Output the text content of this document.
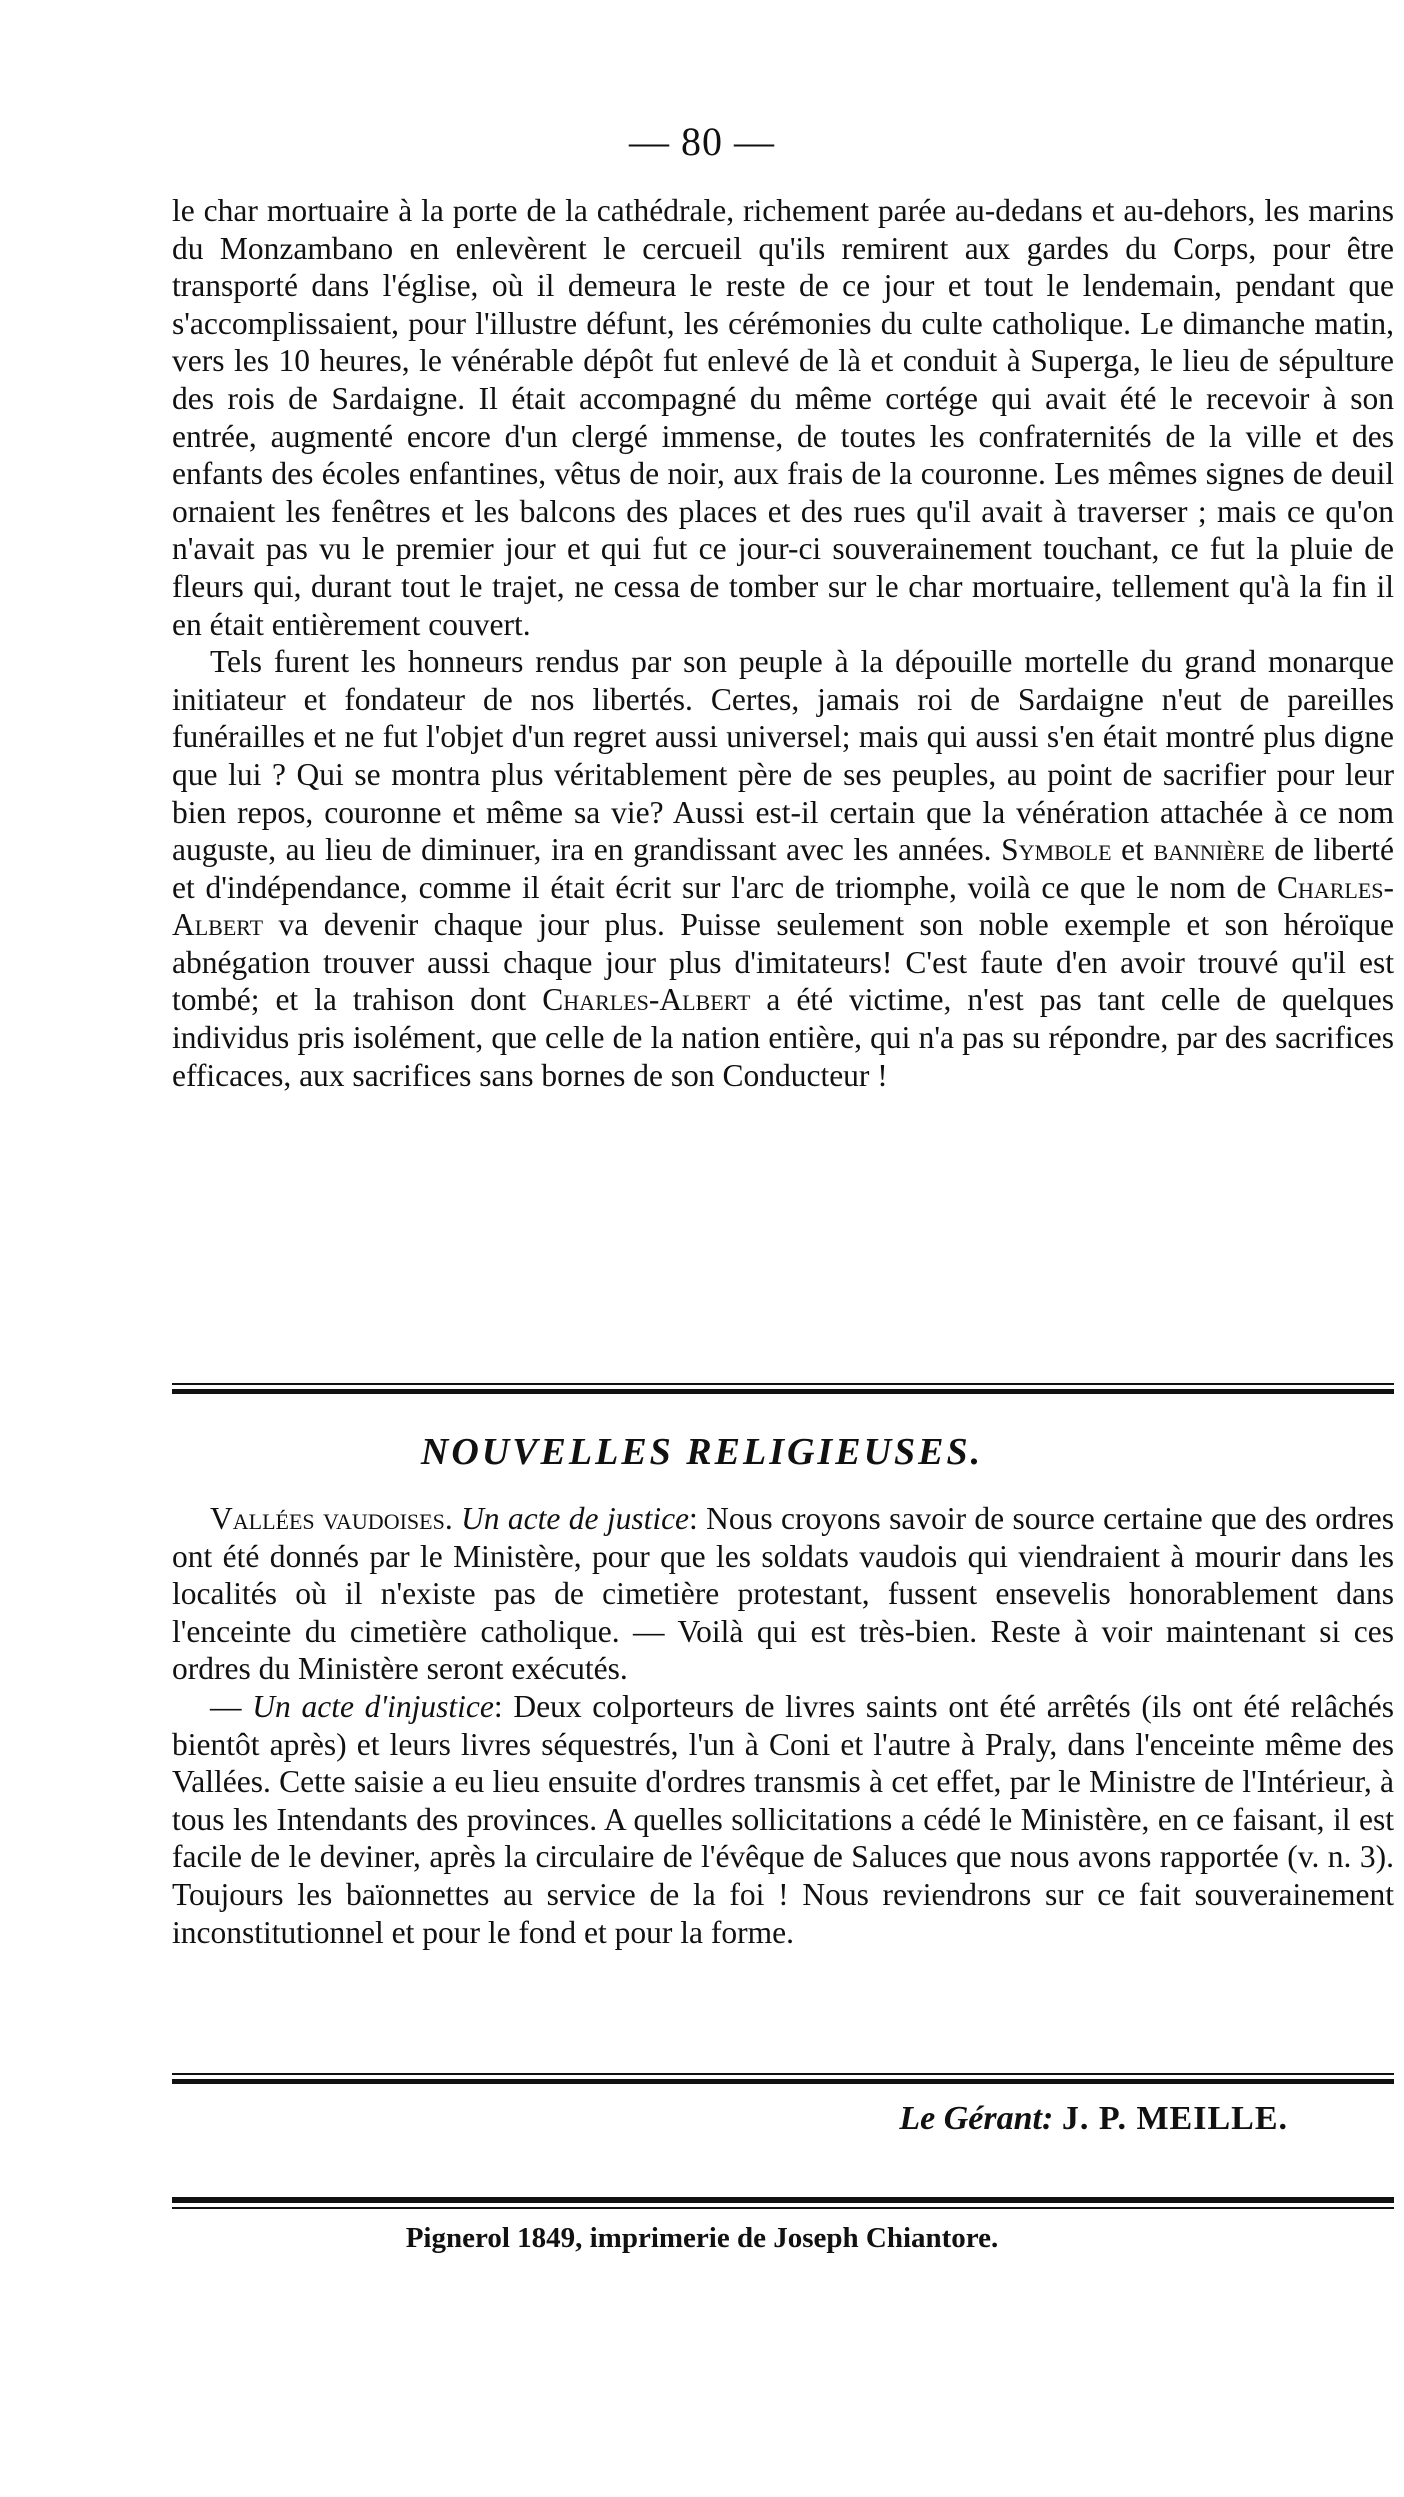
— 80 —

le char mortuaire à la porte de la cathédrale, richement parée au-dedans et au-dehors, les marins du Monzambano en enlevèrent le cercueil qu'ils remirent aux gardes du Corps, pour être transporté dans l'église, où il demeura le reste de ce jour et tout le lendemain, pendant que s'accomplissaient, pour l'illustre défunt, les cérémonies du culte catholique. Le dimanche matin, vers les 10 heures, le vénérable dépôt fut enlevé de là et conduit à Superga, le lieu de sépulture des rois de Sardaigne. Il était accompagné du même cortége qui avait été le recevoir à son entrée, augmenté encore d'un clergé immense, de toutes les confraternités de la ville et des enfants des écoles enfantines, vêtus de noir, aux frais de la couronne. Les mêmes signes de deuil ornaient les fenêtres et les balcons des places et des rues qu'il avait à traverser ; mais ce qu'on n'avait pas vu le premier jour et qui fut ce jour-ci souverainement touchant, ce fut la pluie de fleurs qui, durant tout le trajet, ne cessa de tomber sur le char mortuaire, tellement qu'à la fin il en était entièrement couvert.

Tels furent les honneurs rendus par son peuple à la dépouille mortelle du grand monarque initiateur et fondateur de nos libertés. Certes, jamais roi de Sardaigne n'eut de pareilles funérailles et ne fut l'objet d'un regret aussi universel; mais qui aussi s'en était montré plus digne que lui ? Qui se montra plus véritablement père de ses peuples, au point de sacrifier pour leur bien repos, couronne et même sa vie? Aussi est-il certain que la vénération attachée à ce nom auguste, au lieu de diminuer, ira en grandissant avec les années. Symbole et bannière de liberté et d'indépendance, comme il était écrit sur l'arc de triomphe, voilà ce que le nom de Charles-Albert va devenir chaque jour plus. Puisse seulement son noble exemple et son héroïque abnégation trouver aussi chaque jour plus d'imitateurs! C'est faute d'en avoir trouvé qu'il est tombé; et la trahison dont Charles-Albert a été victime, n'est pas tant celle de quelques individus pris isolément, que celle de la nation entière, qui n'a pas su répondre, par des sacrifices efficaces, aux sacrifices sans bornes de son Conducteur !

NOUVELLES RELIGIEUSES.

Vallées vaudoises. Un acte de justice: Nous croyons savoir de source certaine que des ordres ont été donnés par le Ministère, pour que les soldats vaudois qui viendraient à mourir dans les localités où il n'existe pas de cimetière protestant, fussent ensevelis honorablement dans l'enceinte du cimetière catholique. — Voilà qui est très-bien. Reste à voir maintenant si ces ordres du Ministère seront exécutés.

— Un acte d'injustice: Deux colporteurs de livres saints ont été arrêtés (ils ont été relâchés bientôt après) et leurs livres séquestrés, l'un à Coni et l'autre à Praly, dans l'enceinte même des Vallées. Cette saisie a eu lieu ensuite d'ordres transmis à cet effet, par le Ministre de l'Intérieur, à tous les Intendants des provinces. A quelles sollicitations a cédé le Ministère, en ce faisant, il est facile de le deviner, après la circulaire de l'évêque de Saluces que nous avons rapportée (v. n. 3). Toujours les baïonnettes au service de la foi ! Nous reviendrons sur ce fait souverainement inconstitutionnel et pour le fond et pour la forme.

Le Gérant: J. P. MEILLE.
Pignerol 1849, imprimerie de Joseph Chiantore.
